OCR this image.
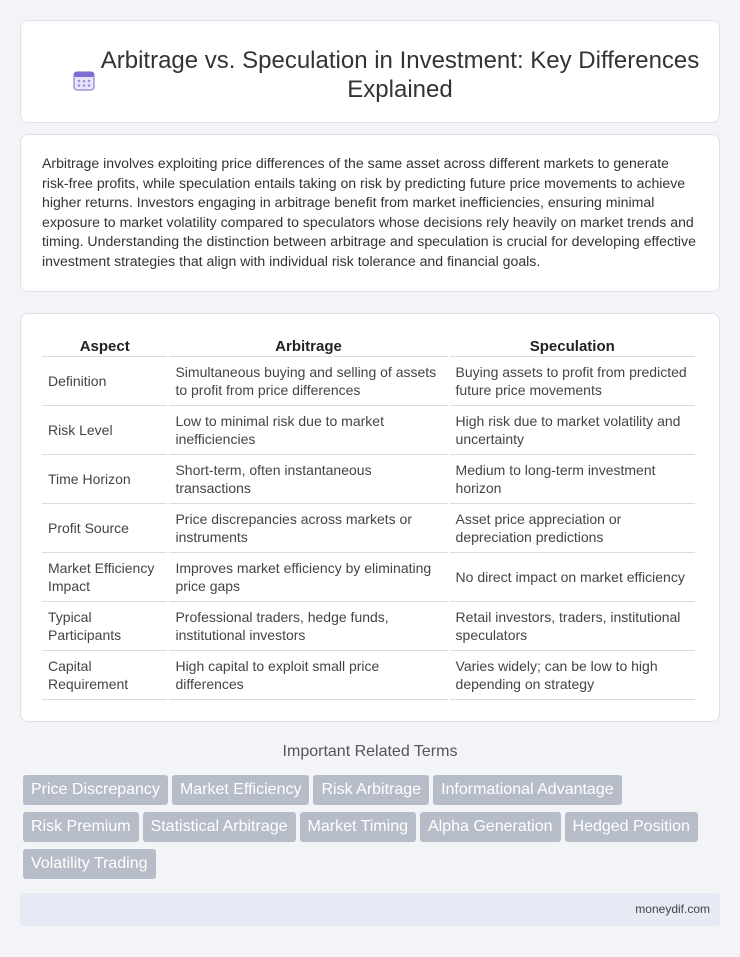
Arbitrage vs. Speculation in Investment: Key Differences Explained

Arbitrage involves exploiting price differences of the same asset across different markets to generate risk-free profits, while speculation entails taking on risk by predicting future price movements to achieve higher returns. Investors engaging in arbitrage benefit from market inefficiencies, ensuring minimal exposure to market volatility compared to speculators whose decisions rely heavily on market trends and timing. Understanding the distinction between arbitrage and speculation is crucial for developing effective investment strategies that align with individual risk tolerance and financial goals.

Aspect	Arbitrage	Speculation
Definition	Simultaneous buying and selling of assets to profit from price differences	Buying assets to profit from predicted future price movements
Risk Level	Low to minimal risk due to market inefficiencies	High risk due to market volatility and uncertainty
Time Horizon	Short-term, often instantaneous transactions	Medium to long-term investment horizon
Profit Source	Price discrepancies across markets or instruments	Asset price appreciation or depreciation predictions
Market Efficiency Impact	Improves market efficiency by eliminating price gaps	No direct impact on market efficiency
Typical Participants	Professional traders, hedge funds, institutional investors	Retail investors, traders, institutional speculators
Capital Requirement	High capital to exploit small price differences	Varies widely; can be low to high depending on strategy
Important Related Terms
Price Discrepancy	Market Efficiency	Risk Arbitrage	Informational Advantage
Risk Premium	Statistical Arbitrage	Market Timing	Alpha Generation	Hedged Position
Volatility Trading
moneydif.com
